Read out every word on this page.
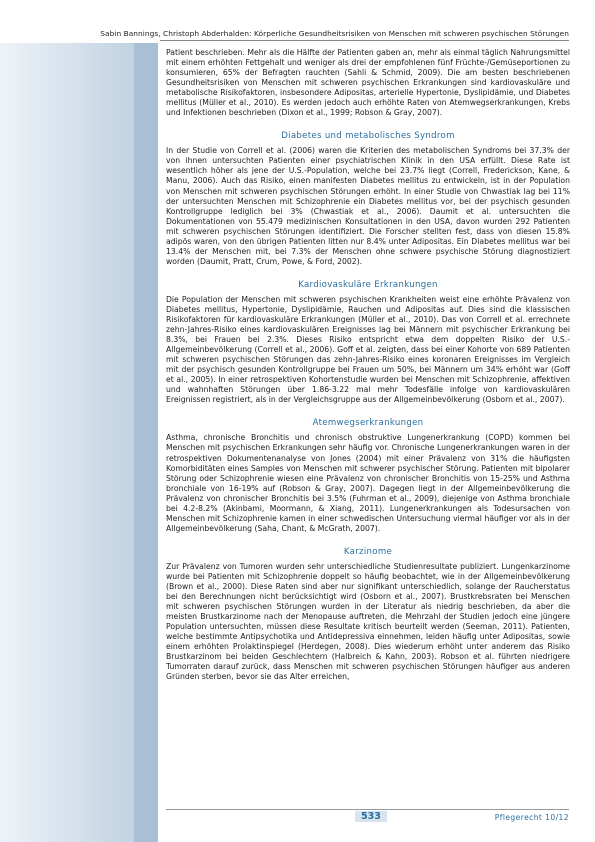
Sabin Bannings, Christoph Abderhalden: Körperliche Gesundheitsrisiken von Menschen mit schweren psychischen Störungen

Patient beschrieben. Mehr als die Hälfte der Patienten gaben an, mehr als einmal täglich Nahrungsmittel mit einem erhöhten Fettgehalt und weniger als drei der empfohlenen fünf Früchte-/Gemüseportionen zu konsumieren, 65% der Befragten rauchten (Sahli & Schmid, 2009). Die am besten beschriebenen Gesundheitsrisiken von Menschen mit schweren psychischen Erkrankungen sind kardiovaskuläre und metabolische Risikofaktoren, insbesondere Adipositas, arterielle Hypertonie, Dyslipidämie, und Diabetes mellitus (Müller et al., 2010). Es werden jedoch auch erhöhte Raten von Atemwegserkrankungen, Krebs und Infektionen beschrieben (Dixon et al., 1999; Robson & Gray, 2007).

Diabetes und metabolisches Syndrom

In der Studie von Correll et al. (2006) waren die Kriterien des metabolischen Syndroms bei 37.3% der von ihnen untersuchten Patienten einer psychiatrischen Klinik in den USA erfüllt. Diese Rate ist wesentlich höher als jene der U.S.-Population, welche bei 23.7% liegt (Correll, Frederickson, Kane, & Manu, 2006). Auch das Risiko, einen manifesten Diabetes mellitus zu entwickeln, ist in der Population von Menschen mit schweren psychischen Störungen erhöht. In einer Studie von Chwastiak lag bei 11% der untersuchten Menschen mit Schizophrenie ein Diabetes mellitus vor, bei der psychisch gesunden Kontrollgruppe lediglich bei 3% (Chwastiak et al., 2006). Daumit et al. untersuchten die Dokumentationen von 55.479 medizinischen Konsultationen in den USA, davon wurden 292 Patienten mit schweren psychischen Störungen identifiziert. Die Forscher stellten fest, dass von diesen 15.8% adipös waren, von den übrigen Patienten litten nur 8.4% unter Adipositas. Ein Diabetes mellitus war bei 13.4% der Menschen mit, bei 7.3% der Menschen ohne schwere psychische Störung diagnostiziert worden (Daumit, Pratt, Crum, Powe, & Ford, 2002).

Kardiovaskuläre Erkrankungen

Die Population der Menschen mit schweren psychischen Krankheiten weist eine erhöhte Prävalenz von Diabetes mellitus, Hypertonie, Dyslipidämie, Rauchen und Adipositas auf. Dies sind die klassischen Risikofaktoren für kardiovaskuläre Erkrankungen (Müller et al., 2010). Das von Correll et al. errechnete zehn-Jahres-Risiko eines kardiovaskulären Ereignisses lag bei Männern mit psychischer Erkrankung bei 8.3%, bei Frauen bei 2.3%. Dieses Risiko entspricht etwa dem doppelten Risiko der U.S.-Allgemeinbevölkerung (Correll et al., 2006). Goff et al. zeigten, dass bei einer Kohorte von 689 Patienten mit schweren psychischen Störungen das zehn-Jahres-Risiko eines koronaren Ereignisses im Vergleich mit der psychisch gesunden Kontrollgruppe bei Frauen um 50%, bei Männern um 34% erhöht war (Goff et al., 2005). In einer retrospektiven Kohortenstudie wurden bei Menschen mit Schizophrenie, affektiven und wahnhaften Störungen über 1.86-3.22 mal mehr Todesfälle infolge von kardiovaskulären Ereignissen registriert, als in der Vergleichsgruppe aus der Allgemeinbevölkerung (Osborn et al., 2007).

Atemwegserkrankungen

Asthma, chronische Bronchitis und chronisch obstruktive Lungenerkrankung (COPD) kommen bei Menschen mit psychischen Erkrankungen sehr häufig vor. Chronische Lungenerkrankungen waren in der retrospektiven Dokumentenanalyse von Jones (2004) mit einer Prävalenz von 31% die häufigsten Komorbiditäten eines Samples von Menschen mit schwerer psychischer Störung. Patienten mit bipolarer Störung oder Schizophrenie wiesen eine Prävalenz von chronischer Bronchitis von 15-25% und Asthma bronchiale von 16-19% auf (Robson & Gray, 2007). Dagegen liegt in der Allgemeinbevölkerung die Prävalenz von chronischer Bronchitis bei 3.5% (Fuhrman et al., 2009), diejenige von Asthma bronchiale bei 4.2-8.2% (Akinbami, Moormann, & Xiang, 2011). Lungenerkrankungen als Todesursachen von Menschen mit Schizophrenie kamen in einer schwedischen Untersuchung viermal häufiger vor als in der Allgemeinbevölkerung (Saha, Chant, & McGrath, 2007).

Karzinome

Zur Prävalenz von Tumoren wurden sehr unterschiedliche Studienresultate publiziert. Lungenkarzinome wurde bei Patienten mit Schizophrenie doppelt so häufig beobachtet, wie in der Allgemeinbevölkerung (Brown et al., 2000). Diese Raten sind aber nur signifikant unterschiedlich, solange der Raucherstatus bei den Berechnungen nicht berücksichtigt wird (Osborn et al., 2007). Brustkrebsraten bei Menschen mit schweren psychischen Störungen wurden in der Literatur als niedrig beschrieben, da aber die meisten Brustkarzinome nach der Menopause auftreten, die Mehrzahl der Studien jedoch eine jüngere Population untersuchten, müssen diese Resultate kritisch beurteilt werden (Seeman, 2011). Patienten, welche bestimmte Antipsychotika und Antidepressiva einnehmen, leiden häufig unter Adipositas, sowie einem erhöhten Prolaktinspiegel (Herdegen, 2008). Dies wiederum erhöht unter anderem das Risiko Brustkarzinom bei beiden Geschlechtern (Halbreich & Kahn, 2003). Robson et al. führten niedrigere Tumorraten darauf zurück, dass Menschen mit schweren psychischen Störungen häufiger aus anderen Gründen sterben, bevor sie das Alter erreichen,

533	Pflegerecht 10/12
